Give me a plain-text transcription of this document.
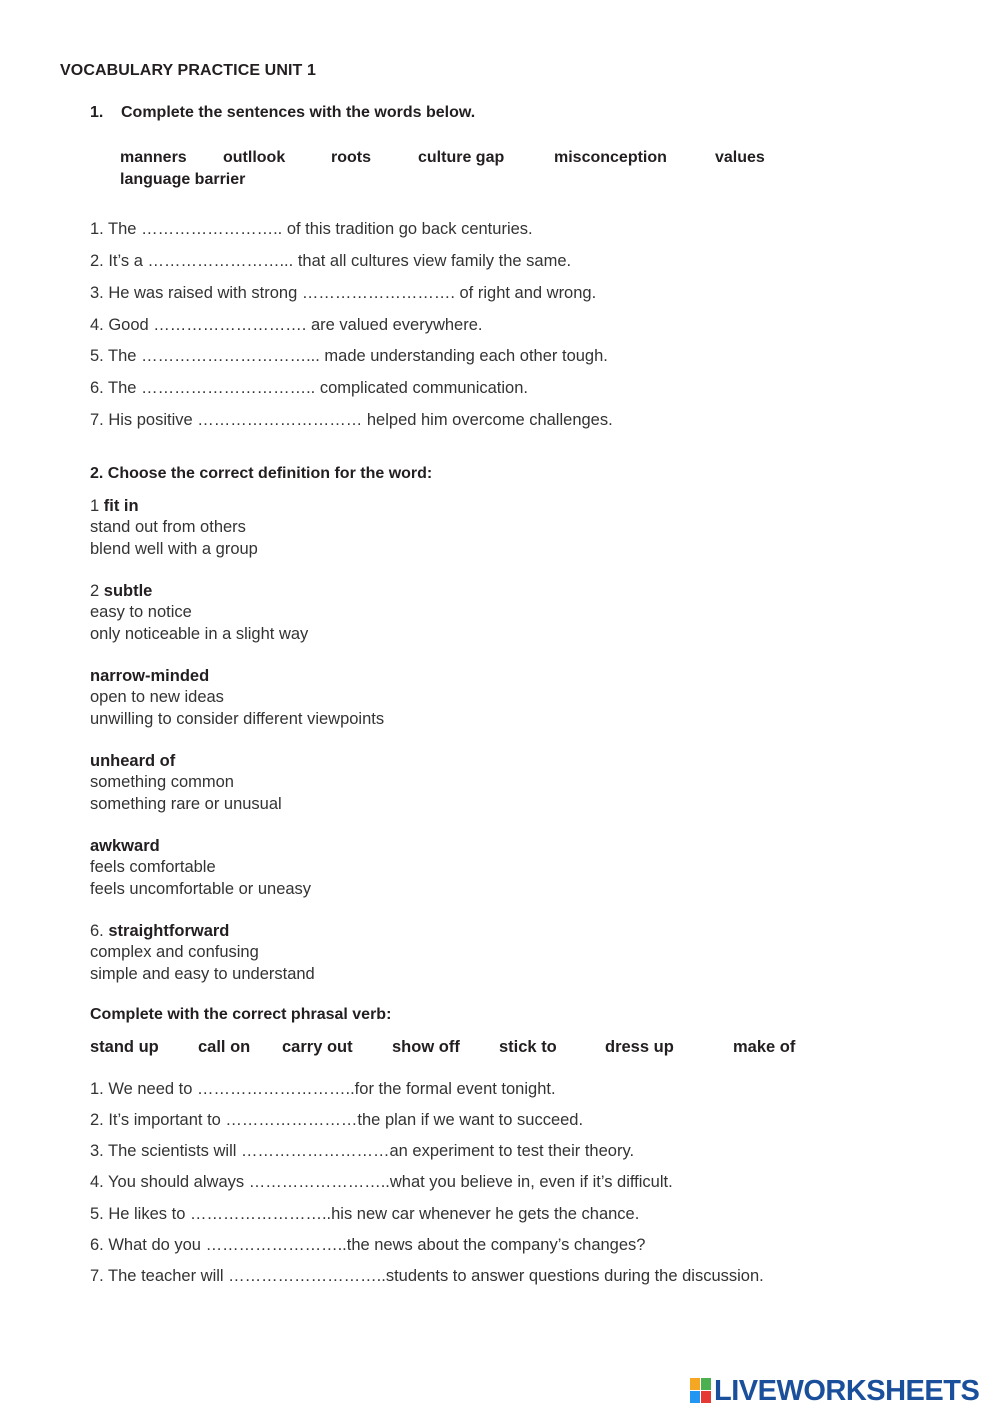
VOCABULARY PRACTICE UNIT 1
1. Complete the sentences with the words below.
manners outllook	roots	culture gap	misconception	values
language barrier
1. The …………………….. of this tradition go back centuries.
2. It’s a ……………………... that all cultures view family the same.
3. He was raised with strong ………………………. of right and wrong.
4. Good ………………………. are valued everywhere.
5. The …………………………... made understanding each other tough.
6. The ………………………….. complicated communication.
7. His positive ………………………… helped him overcome challenges.
2. Choose the correct definition for the word:
1 fit in
stand out from others
blend well with a group
2 subtle
easy to notice
only noticeable in a slight way
narrow-minded
open to new ideas
unwilling to consider different viewpoints
unheard of
something common
something rare or unusual
awkward
feels comfortable
feels uncomfortable or uneasy
6. straightforward
complex and confusing
simple and easy to understand
Complete with the correct phrasal verb:
stand up call on carry out show off stick to	dress up	make of
1. We need to ………………………..for the formal event tonight.
2. It’s important to ……………………the plan if we want to succeed.
3. The scientists will ………………………an experiment to test their theory.
4. You should always ……………………..what you believe in, even if it’s difficult.
5. He likes to ……………………..his new car whenever he gets the chance.
6. What do you ……………………..the news about the company’s changes?
7. The teacher will ………………………..students to answer questions during the discussion.
LIVEWORKSHEETS
